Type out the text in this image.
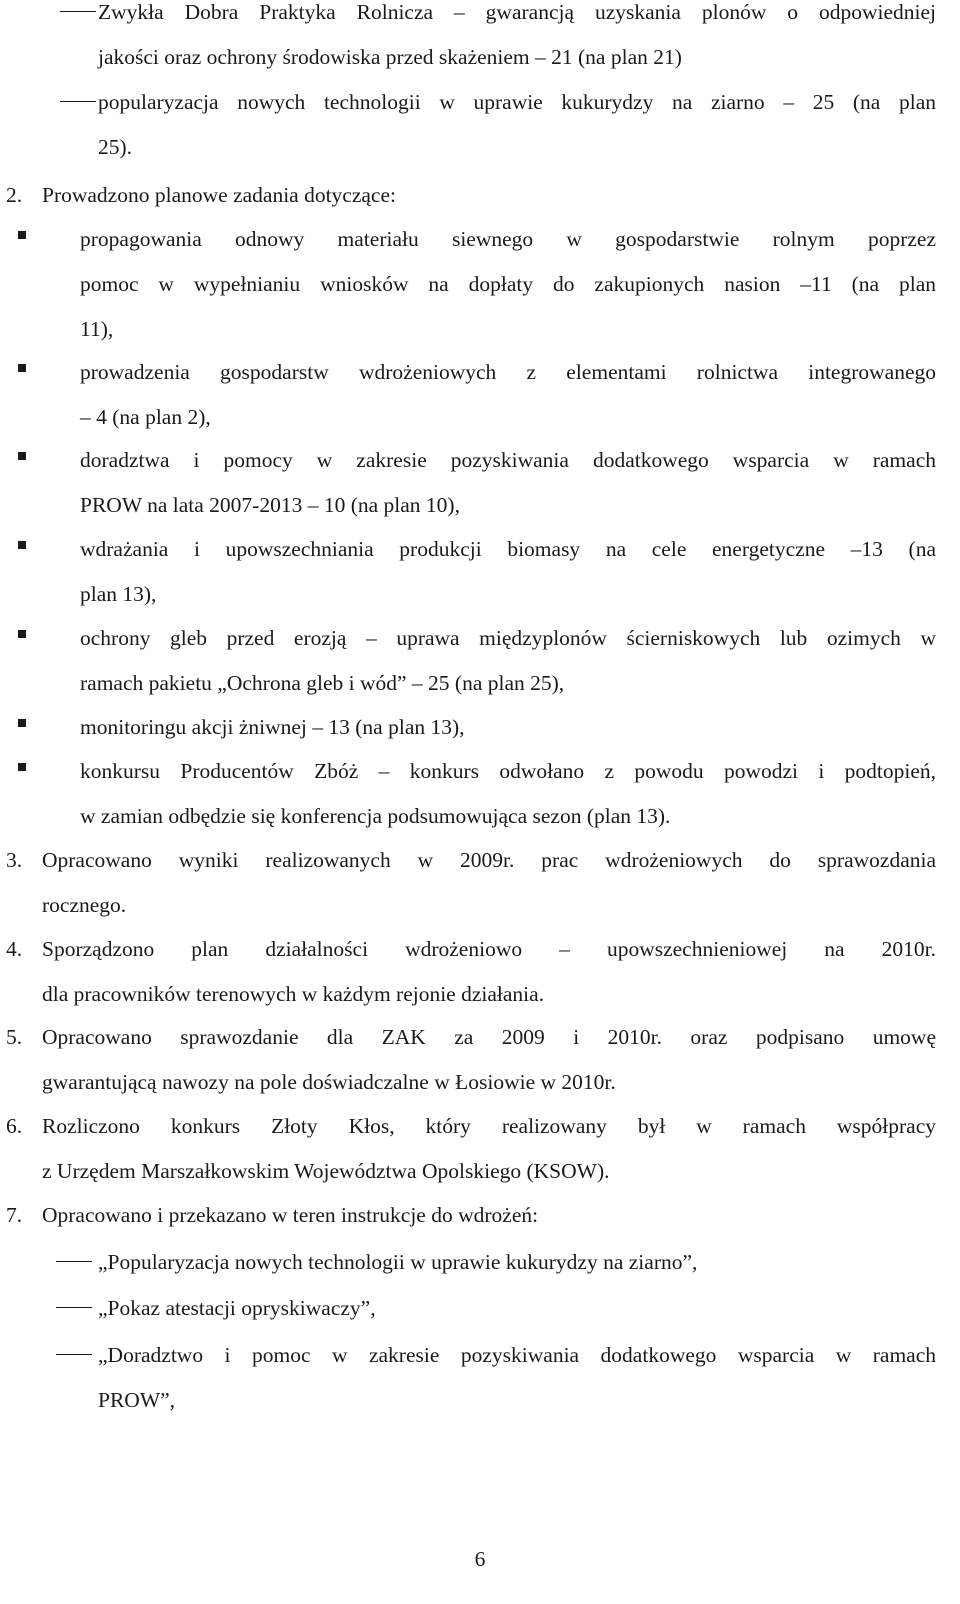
Zwykła Dobra Praktyka Rolnicza – gwarancją uzyskania plonów o odpowiedniej
jakości oraz ochrony środowiska przed skażeniem – 21 (na plan 21)
popularyzacja nowych technologii w uprawie kukurydzy na ziarno – 25 (na plan
25).
2. Prowadzono planowe zadania dotyczące:
propagowania odnowy materiału siewnego w gospodarstwie rolnym poprzez
pomoc w wypełnianiu wniosków na dopłaty do zakupionych nasion –11 (na plan
11),
prowadzenia gospodarstw wdrożeniowych z elementami rolnictwa integrowanego
– 4 (na plan 2),
doradztwa i pomocy w zakresie pozyskiwania dodatkowego wsparcia w ramach
PROW na lata 2007-2013 – 10 (na plan 10),
wdrażania i upowszechniania produkcji biomasy na cele energetyczne –13 (na
plan 13),
ochrony gleb przed erozją – uprawa międzyplonów ścierniskowych lub ozimych w
ramach pakietu „Ochrona gleb i wód” – 25 (na plan 25),
monitoringu akcji żniwnej – 13 (na plan 13),
konkursu Producentów Zbóż – konkurs odwołano z powodu powodzi i podtopień,
w zamian odbędzie się konferencja podsumowująca sezon (plan 13).
3. Opracowano wyniki realizowanych w 2009r. prac wdrożeniowych do sprawozdania
rocznego.
4. Sporządzono plan działalności wdrożeniowo – upowszechnieniowej na 2010r.
dla pracowników terenowych w każdym rejonie działania.
5. Opracowano sprawozdanie dla ZAK za 2009 i 2010r. oraz podpisano umowę
gwarantującą nawozy na pole doświadczalne w Łosiowie w 2010r.
6. Rozliczono konkurs Złoty Kłos, który realizowany był w ramach współpracy
z Urzędem Marszałkowskim Województwa Opolskiego (KSOW).
7. Opracowano i przekazano w teren instrukcje do wdrożeń:
„Popularyzacja nowych technologii w uprawie kukurydzy na ziarno”,
„Pokaz atestacji opryskiwaczy”,
„Doradztwo i pomoc w zakresie pozyskiwania dodatkowego wsparcia w ramach
PROW”,
6
